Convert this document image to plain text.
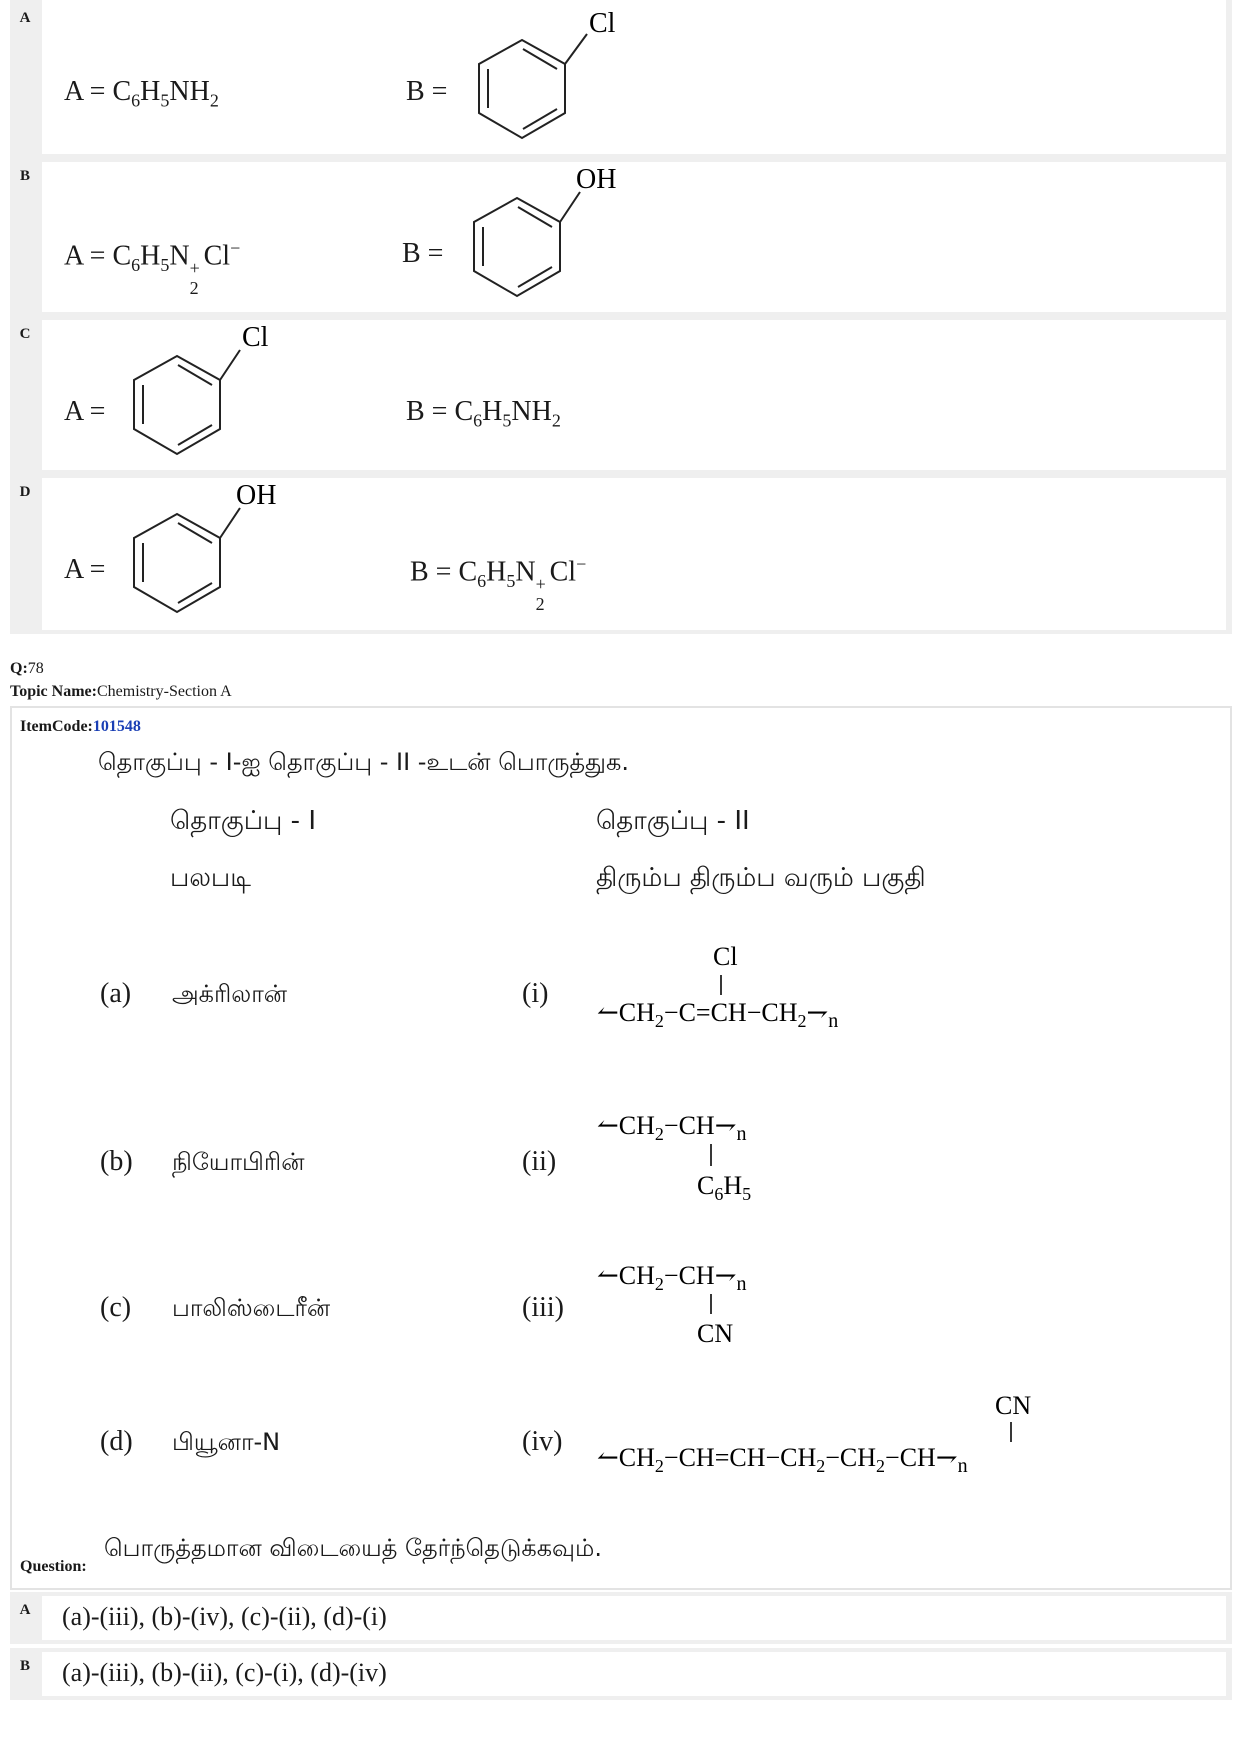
A
$A = C_6H_5NH_2$	B =
Cl
B
$A = C_6H_5N$ +
2
Cl−	B =
OH
C
A =
Cl
$B = C_6H_5NH_2$
D
A =
OH
$B = C_6H_5N$ +
2
Cl−
Q:78
Topic Name:Chemistry-Section A
ItemCode:101548
தொகுப்பு - I-ஐ தொகுப்பு - II -உடன் பொருத்துக.
தொகுப்பு - I	தொகுப்பு - II
பலபடி	திரும்ப திரும்ப வரும் பகுதி
(a) அக்ரிலான்	(i)
Cl
$↼CH_2-C=CH-CH_2⇁_n$
(b) நியோபிரின்	(ii)
$↼CH_2-CH⇁_n$
$C_6H_5$
(c) பாலிஸ்டைரீன்	(iii)
$↼CH_2-CH⇁_n$
CN
(d) பியூனா-N	(iv)
CN
$↼CH_2-CH=CH-CH_2-CH_2-CH⇁_n$
Question:
பொருத்தமான விடையைத் தேர்ந்தெடுக்கவும்.
A	(a)-(iii), (b)-(iv), (c)-(ii), (d)-(i)
B	(a)-(iii), (b)-(ii), (c)-(i), (d)-(iv)
